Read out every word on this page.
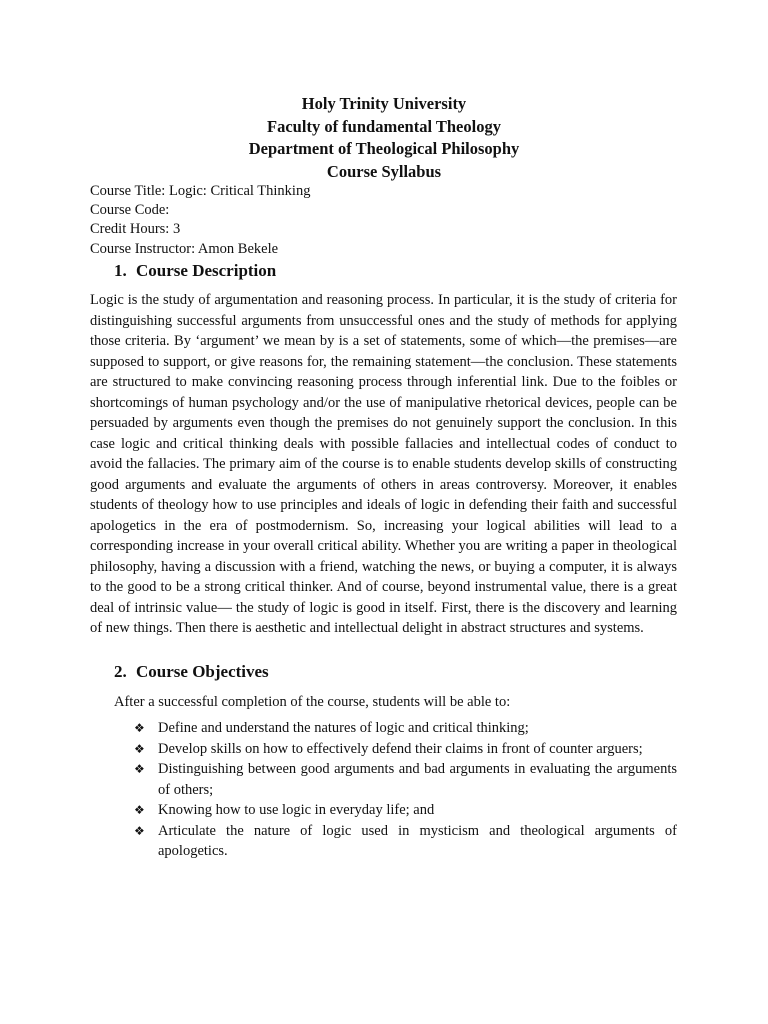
Holy Trinity University
Faculty of fundamental Theology
Department of Theological Philosophy
Course Syllabus
Course Title: Logic: Critical Thinking
Course Code:
Credit Hours: 3
Course Instructor: Amon Bekele
1. Course Description

Logic is the study of argumentation and reasoning process. In particular, it is the study of criteria for distinguishing successful arguments from unsuccessful ones and the study of methods for applying those criteria. By ‘argument’ we mean by is a set of statements, some of which—the premises—are supposed to support, or give reasons for, the remaining statement—the conclusion. These statements are structured to make convincing reasoning process through inferential link. Due to the foibles or shortcomings of human psychology and/or the use of manipulative rhetorical devices, people can be persuaded by arguments even though the premises do not genuinely support the conclusion. In this case logic and critical thinking deals with possible fallacies and intellectual codes of conduct to avoid the fallacies. The primary aim of the course is to enable students develop skills of constructing good arguments and evaluate the arguments of others in areas controversy. Moreover, it enables students of theology how to use principles and ideals of logic in defending their faith and successful apologetics in the era of postmodernism. So, increasing your logical abilities will lead to a corresponding increase in your overall critical ability. Whether you are writing a paper in theological philosophy, having a discussion with a friend, watching the news, or buying a computer, it is always to the good to be a strong critical thinker. And of course, beyond instrumental value, there is a great deal of intrinsic value— the study of logic is good in itself. First, there is the discovery and learning of new things. Then there is aesthetic and intellectual delight in abstract structures and systems.

2. Course Objectives

After a successful completion of the course, students will be able to:

❖ Define and understand the natures of logic and critical thinking;
❖ Develop skills on how to effectively defend their claims in front of counter arguers;
❖ Distinguishing between good arguments and bad arguments in evaluating the arguments of others;
❖ Knowing how to use logic in everyday life; and
❖ Articulate the nature of logic used in mysticism and theological arguments of apologetics.
